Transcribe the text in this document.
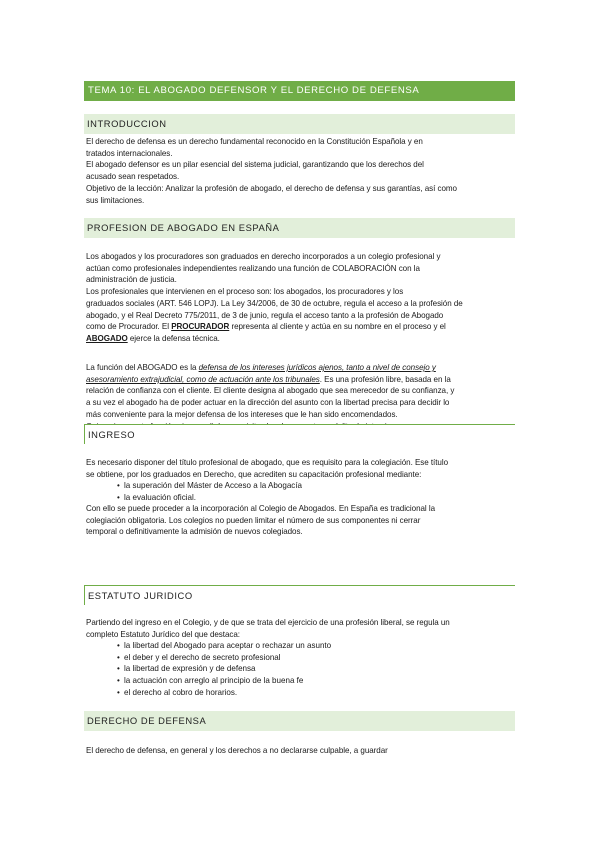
TEMA 10: EL ABOGADO DEFENSOR Y EL DERECHO DE DEFENSA
INTRODUCCION
El derecho de defensa es un derecho fundamental reconocido en la Constitución Española y en
tratados internacionales.
El abogado defensor es un pilar esencial del sistema judicial, garantizando que los derechos del
acusado sean respetados.
Objetivo de la lección: Analizar la profesión de abogado, el derecho de defensa y sus garantías, así como
sus limitaciones.
PROFESION DE ABOGADO EN ESPAÑA
Los abogados y los procuradores son graduados en derecho incorporados a un colegio profesional y
actúan como profesionales independientes realizando una función de COLABORACIÓN con la
administración de justicia.
Los profesionales que intervienen en el proceso son: los abogados, los procuradores y los
graduados sociales (ART. 546 LOPJ). La Ley 34/2006, de 30 de octubre, regula el acceso a la profesión de
abogado, y el Real Decreto 775/2011, de 3 de junio, regula el acceso tanto a la profesión de Abogado
como de Procurador. El PROCURADOR representa al cliente y actúa en su nombre en el proceso y el
ABOGADO ejerce la defensa técnica.
La función del ABOGADO es la defensa de los intereses jurídicos ajenos, tanto a nivel de consejo y
asesoramiento extrajudicial, como de actuación ante los tribunales. Es una profesión libre, basada en la
relación de confianza con el cliente. El cliente designa al abogado que sea merecedor de su confianza, y
a su vez el abogado ha de poder actuar en la dirección del asunto con la libertad precisa para decidir lo
más conveniente para la mejor defensa de los intereses que le han sido encomendados.
INGRESO
Es necesario disponer del título profesional de abogado, que es requisito para la colegiación. Ese título
se obtiene, por los graduados en Derecho, que acrediten su capacitación profesional mediante:
• la superación del Máster de Acceso a la Abogacía
• la evaluación oficial.
Con ello se puede proceder a la incorporación al Colegio de Abogados. En España es tradicional la
colegiación obligatoria. Los colegios no pueden limitar el número de sus componentes ni cerrar
temporal o definitivamente la admisión de nuevos colegiados.
ESTATUTO JURIDICO
Partiendo del ingreso en el Colegio, y de que se trata del ejercicio de una profesión liberal, se regula un
completo Estatuto Jurídico del que destaca:
• la libertad del Abogado para aceptar o rechazar un asunto
• el deber y el derecho de secreto profesional
• la libertad de expresión y de defensa
• la actuación con arreglo al principio de la buena fe
• el derecho al cobro de horarios.
DERECHO DE DEFENSA
El derecho de defensa, en general y los derechos a no declararse culpable, a guardar
